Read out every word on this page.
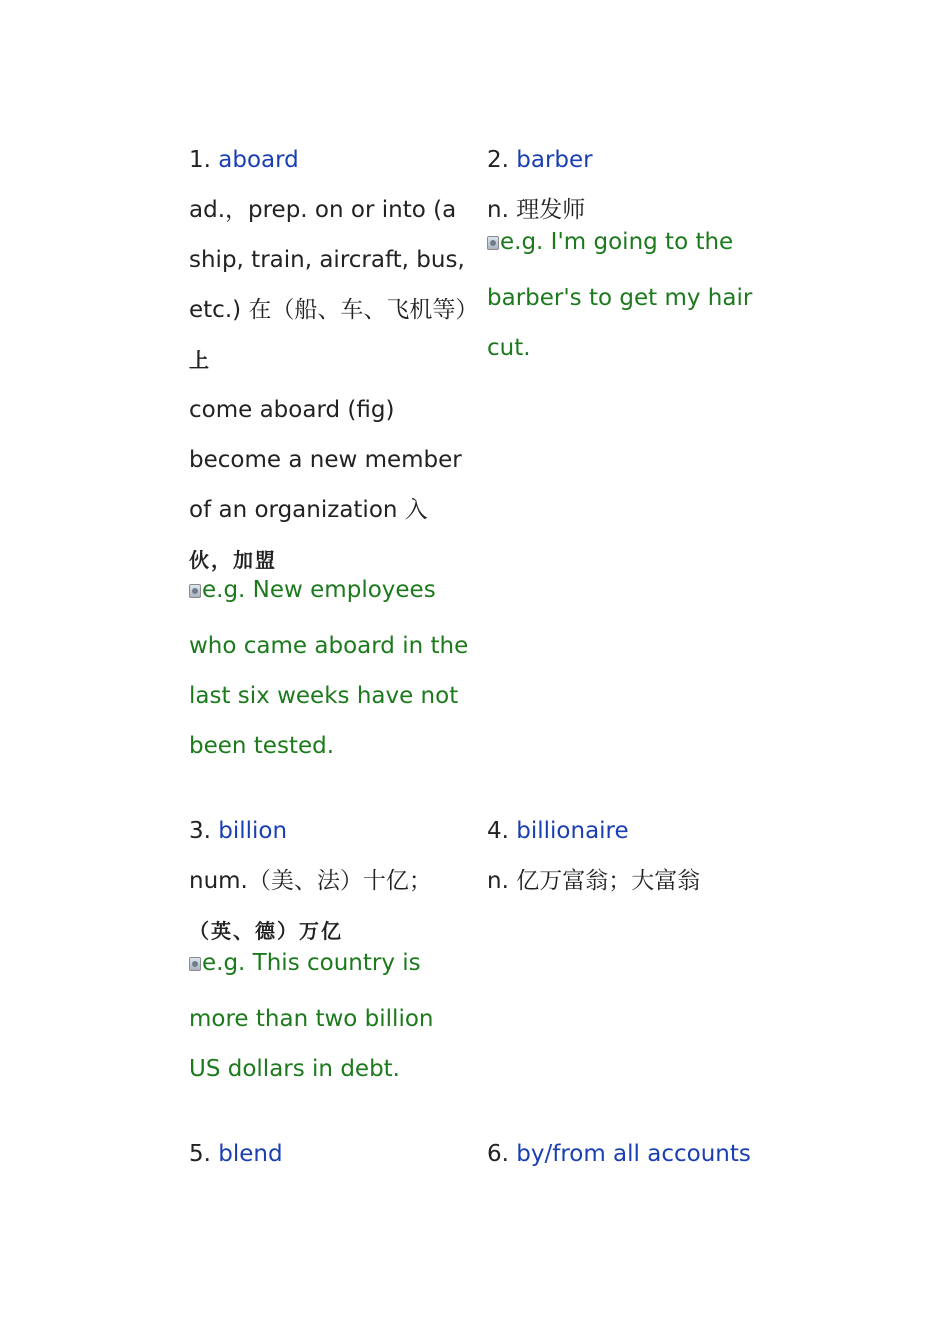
1. aboard
ad.，prep. on or into (a
ship, train, aircraft, bus,
etc.) 在（船、车、飞机等）
上
come aboard (fig)
become a new member
of an organization 入
伙，加盟
e.g. New employees
who came aboard in the
last six weeks have not
been tested.
2. barber
n. 理发师
e.g. I'm going to the
barber's to get my hair
cut.
3. billion
num.（美、法）十亿；
（英、德）万亿
e.g. This country is
more than two billion
US dollars in debt.
4. billionaire
n. 亿万富翁；大富翁
5. blend	6. by/from all accounts
